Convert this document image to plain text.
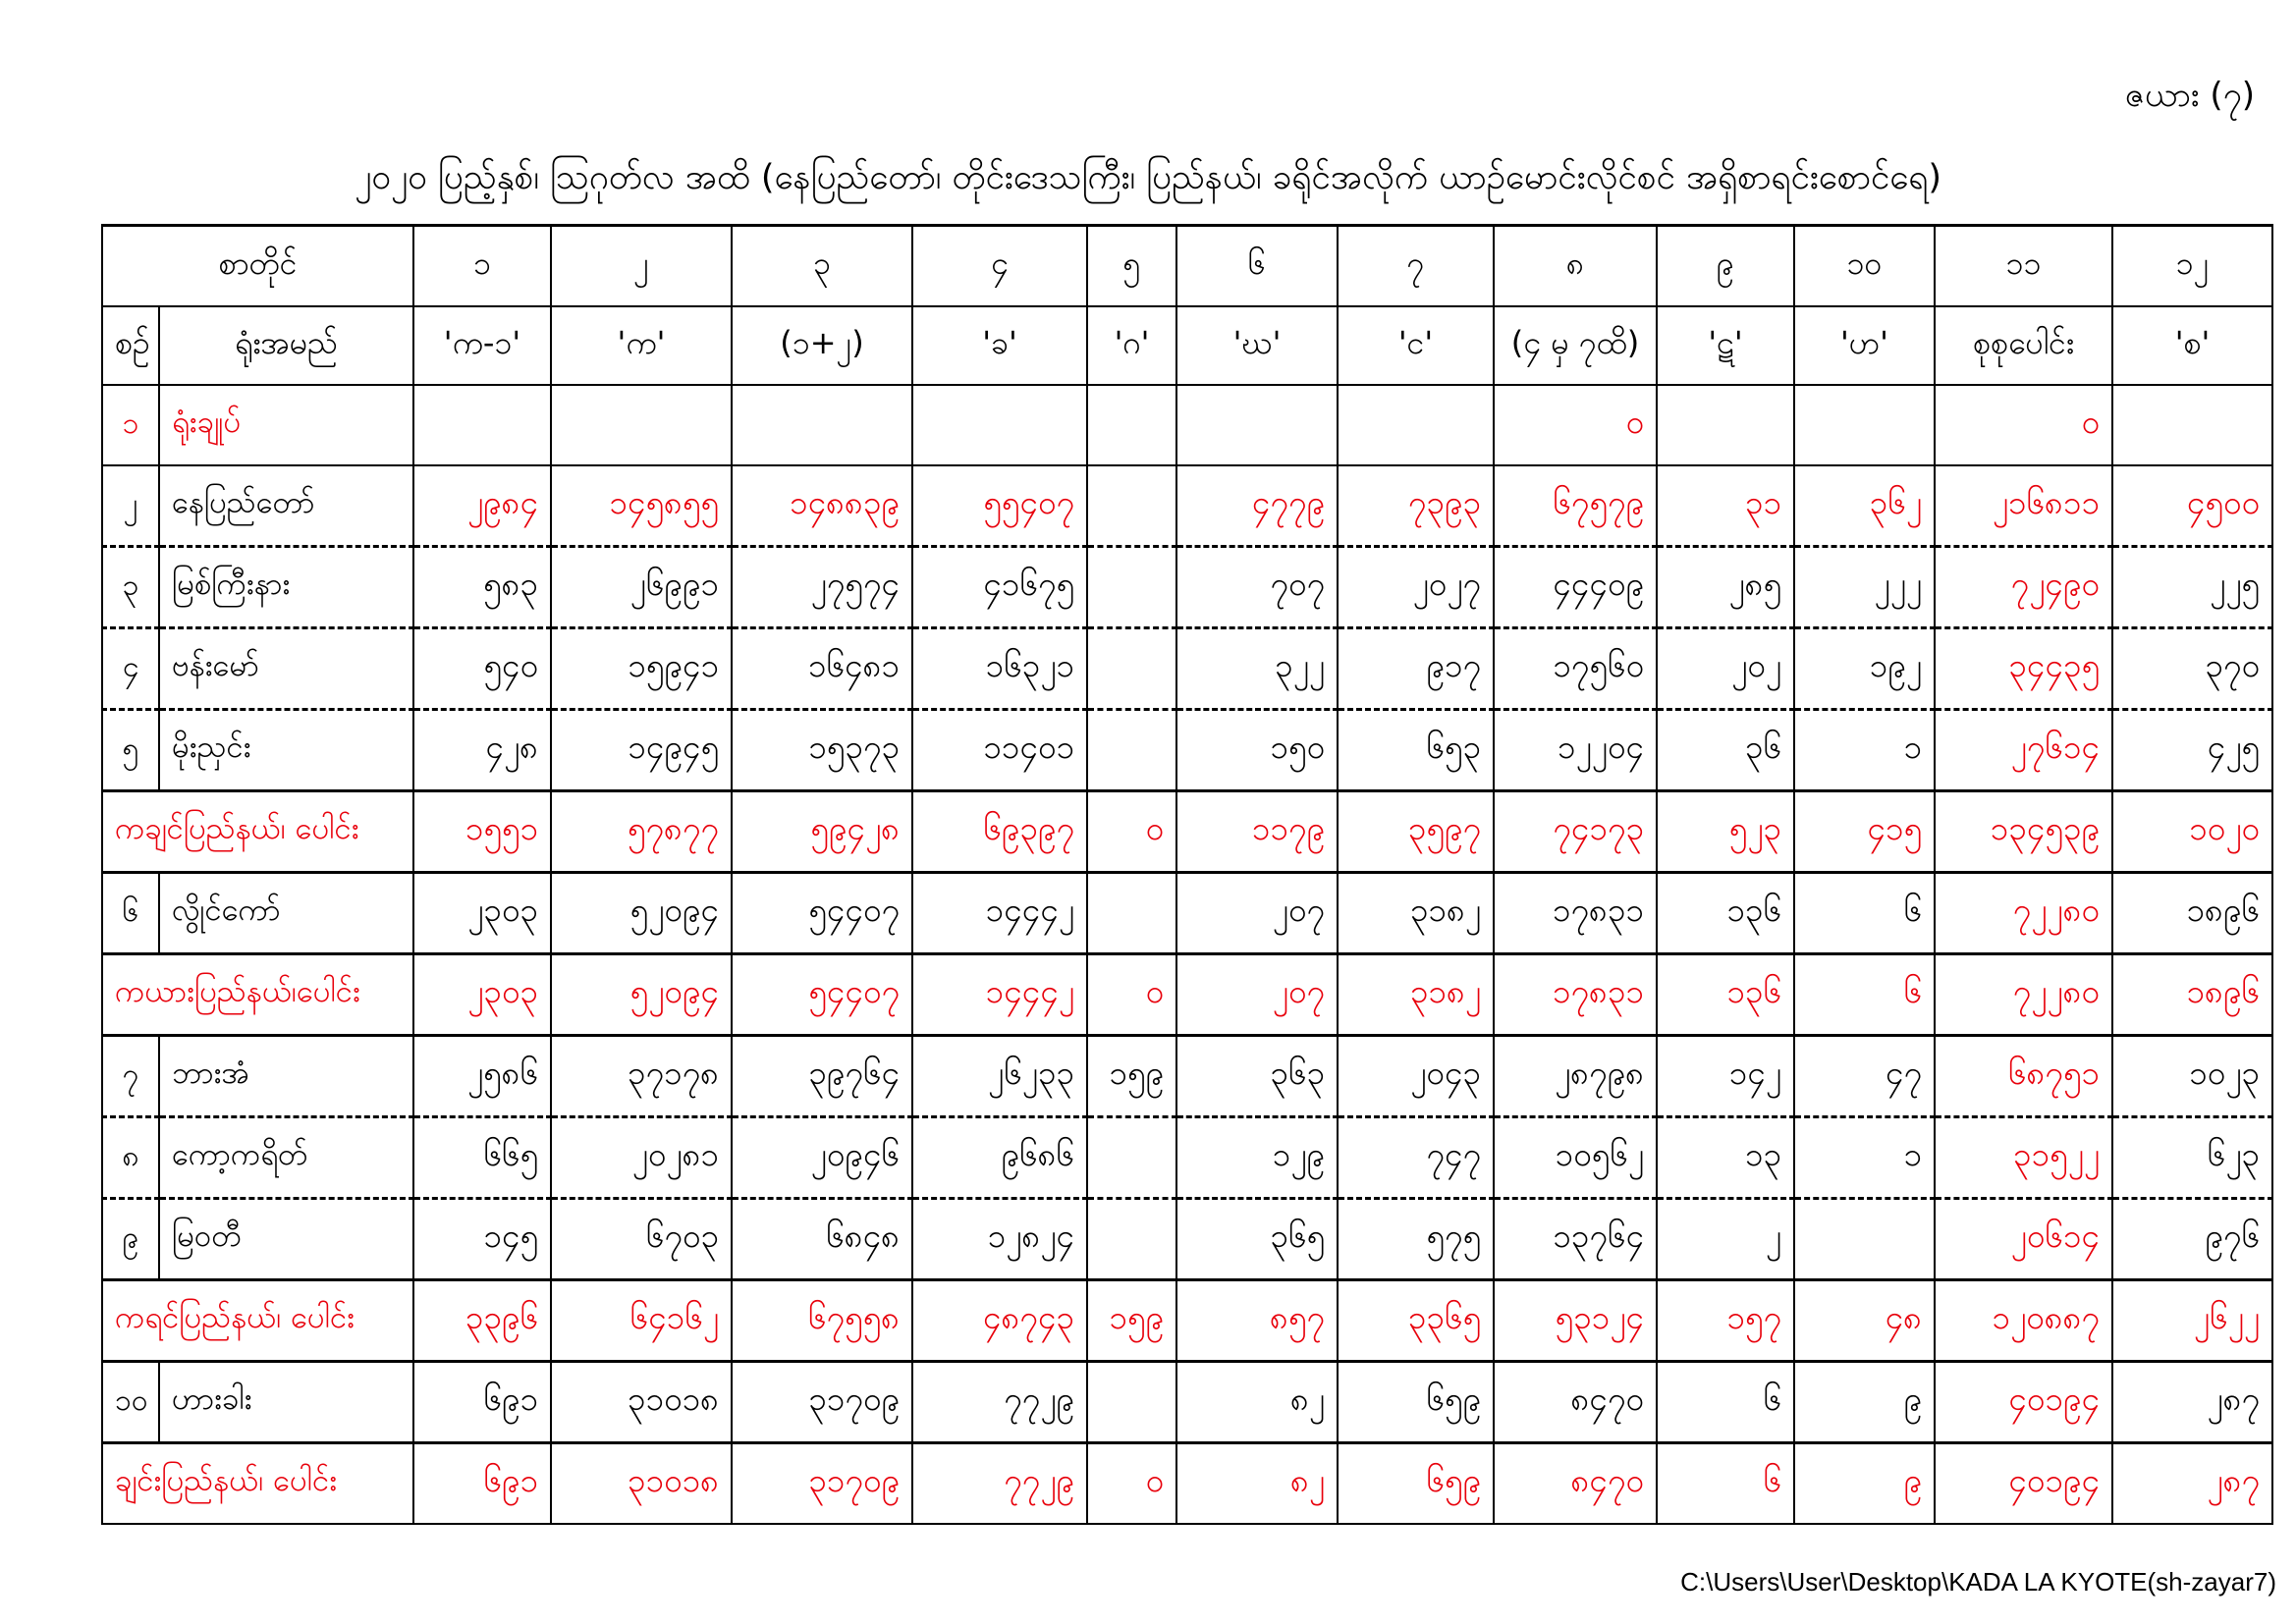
ဇယား (၇)
၂၀၂၀ ပြည့်နှစ်၊ ဩဂုတ်လ အထိ (နေပြည်တော်၊ တိုင်းဒေသကြီး၊ ပြည်နယ်၊ ခရိုင်အလိုက် ယာဉ်မောင်းလိုင်စင် အရှိစာရင်းစောင်ရေ)
စာတိုင်		၁	၂	၃	၄	၅	၆	၇	၈	၉	၁၀	၁၁	၁၂
စဉ်	ရုံးအမည်	'က-၁'	'က'	(၁+၂)	'ခ'	'ဂ'	'ဃ'	'င'	(၄ မှ ၇ထိ)	'ဋ'	'ဟ'	စုစုပေါင်း	'စ'
၁	ရုံးချုပ်								၀			၀	
၂	နေပြည်တော်	၂၉၈၄	၁၄၅၈၅၅	၁၄၈၈၃၉	၅၅၄၀၇		၄၇၇၉	၇၃၉၃	၆၇၅၇၉	၃၁	၃၆၂	၂၁၆၈၁၁	၄၅၀၀
၃	မြစ်ကြီးနား	၅၈၃	၂၆၉၉၁	၂၇၅၇၄	၄၁၆၇၅		၇၀၇	၂၀၂၇	၄၄၄၀၉	၂၈၅	၂၂၂	၇၂၄၉၀	၂၂၅
၄	ဗန်းမော်	၅၄၀	၁၅၉၄၁	၁၆၄၈၁	၁၆၃၂၁		၃၂၂	၉၁၇	၁၇၅၆၀	၂၀၂	၁၉၂	၃၄၄၃၅	၃၇၀
၅	မိုးညှင်း	၄၂၈	၁၄၉၄၅	၁၅၃၇၃	၁၁၄၀၁		၁၅၀	၆၅၃	၁၂၂၀၄	၃၆	၁	၂၇၆၁၄	၄၂၅
ကချင်ပြည်နယ်၊ ပေါင်း		၁၅၅၁	၅၇၈၇၇	၅၉၄၂၈	၆၉၃၉၇	၀	၁၁၇၉	၃၅၉၇	၇၄၁၇၃	၅၂၃	၄၁၅	၁၃၄၅၃၉	၁၀၂၀
၆	လွိုင်ကော်	၂၃၀၃	၅၂၀၉၄	၅၄၄၀၇	၁၄၄၄၂		၂၀၇	၃၁၈၂	၁၇၈၃၁	၁၃၆	၆	၇၂၂၈၀	၁၈၉၆
ကယားပြည်နယ်၊ပေါင်း		၂၃၀၃	၅၂၀၉၄	၅၄၄၀၇	၁၄၄၄၂	၀	၂၀၇	၃၁၈၂	၁၇၈၃၁	၁၃၆	၆	၇၂၂၈၀	၁၈၉၆
၇	ဘားအံ	၂၅၈၆	၃၇၁၇၈	၃၉၇၆၄	၂၆၂၃၃	၁၅၉	၃၆၃	၂၀၄၃	၂၈၇၉၈	၁၄၂	၄၇	၆၈၇၅၁	၁၀၂၃
၈	ကော့ကရိတ်	၆၆၅	၂၀၂၈၁	၂၀၉၄၆	၉၆၈၆		၁၂၉	၇၄၇	၁၀၅၆၂	၁၃	၁	၃၁၅၂၂	၆၂၃
၉	မြဝတီ	၁၄၅	၆၇၀၃	၆၈၄၈	၁၂၈၂၄		၃၆၅	၅၇၅	၁၃၇၆၄	၂		၂၀၆၁၄	၉၇၆
ကရင်ပြည်နယ်၊ ပေါင်း		၃၃၉၆	၆၄၁၆၂	၆၇၅၅၈	၄၈၇၄၃	၁၅၉	၈၅၇	၃၃၆၅	၅၃၁၂၄	၁၅၇	၄၈	၁၂၀၈၈၇	၂၆၂၂
၁၀	ဟားခါး	၆၉၁	၃၁၀၁၈	၃၁၇၀၉	၇၇၂၉		၈၂	၆၅၉	၈၄၇၀	၆	၉	၄၀၁၉၄	၂၈၇
ချင်းပြည်နယ်၊ ပေါင်း		၆၉၁	၃၁၀၁၈	၃၁၇၀၉	၇၇၂၉	၀	၈၂	၆၅၉	၈၄၇၀	၆	၉	၄၀၁၉၄	၂၈၇
C:\Users\User\Desktop\KADA LA KYOTE(sh-zayar7)
